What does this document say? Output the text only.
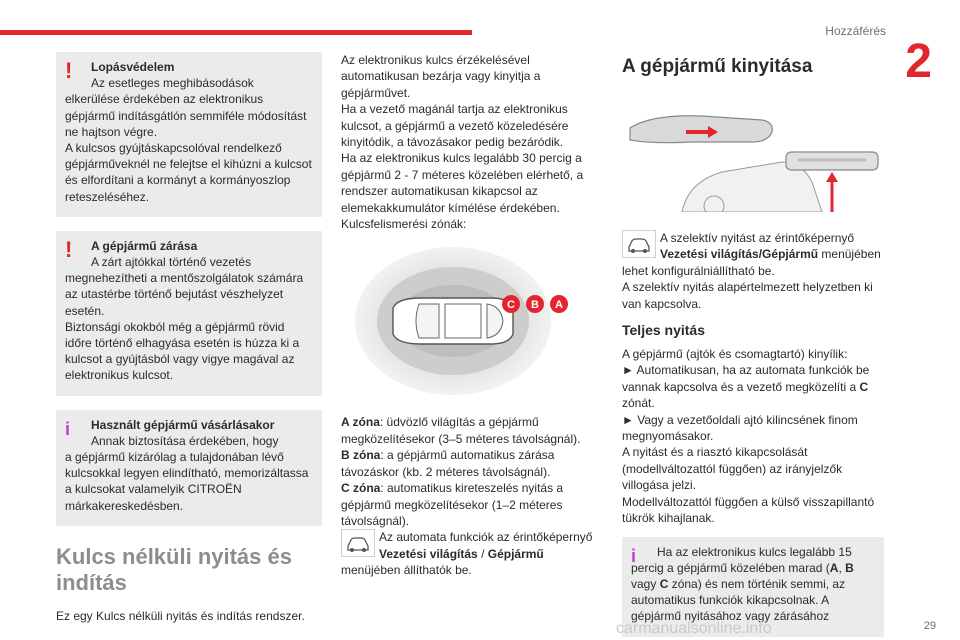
Hozzáférés
2
!	Lopásvédelem

Az esetleges meghibásodások

elkerülése érdekében az elektronikus gépjármű indításgátlón semmiféle módosítást ne hajtson végre.

A kulcsos gyújtáskapcsolóval rendelkező gépjárműveknél ne felejtse el kihúzni a kulcsot és elfordítani a kormányt a kormányoszlop reteszeléséhez.

!	A gépjármű zárása

A zárt ajtókkal történő vezetés

megnehezítheti a mentőszolgálatok számára az utastérbe történő bejutást vészhelyzet esetén.

Biztonsági okokból még a gépjármű rövid időre történő elhagyása esetén is húzza ki a kulcsot a gyújtásból vagy vigye magával az elektronikus kulcsot.

i	Használt gépjármű vásárlásakor

Annak biztosítása érdekében, hogy

a gépjármű kizárólag a tulajdonában lévő kulcsokkal legyen elindítható, memorizáltassa a kulcsokat valamelyik CITROËN márkakereskedésben.

Kulcs nélküli nyitás és indítás

Ez egy Kulcs nélküli nyitás és indítás rendszer.

Az elektronikus kulcs érzékelésével automatikusan bezárja vagy kinyitja a gépjárművet.

Ha a vezető magánál tartja az elektronikus kulcsot, a gépjármű a vezető közeledésére kinyitódik, a távozásakor pedig bezáródik.

Ha az elektronikus kulcs legalább 30 percig a gépjármű 2 - 7 méteres közelében elérhető, a rendszer automatikusan kikapcsol az elemekakkumulátor kímélése érdekében.

Kulcsfelismerési zónák:

C B A

A zóna: üdvözlő világítás a gépjármű megközelítésekor (3–5 méteres távolságnál).

B zóna: a gépjármű automatikus zárása távozáskor (kb. 2 méteres távolságnál).

C zóna: automatikus kireteszelés nyitás a gépjármű megközelítésekor (1–2 méteres távolságnál).

Az automata funkciók az érintőképernyő
Vezetési világítás / Gépjármű

menüjében állíthatók be.

A gépjármű kinyitása
A szelektív nyitást az érintőképernyő
Vezetési világítás/Gépjármű menüjében

lehet konfigurálniállítható be.

A szelektív nyitás alapértelmezett helyzetben ki van kapcsolva.

Teljes nyitás

A gépjármű (ajtók és csomagtartó) kinyílik:

► Automatikusan, ha az automata funkciók be vannak kapcsolva és a vezető megközelíti a C zónát.

► Vagy a vezetőoldali ajtó kilincsének finom megnyomásakor.

A nyitást és a riasztó kikapcsolását (modellváltozattól függően) az irányjelzők villogása jelzi.

Modellváltozattól függően a külső visszapillantó tükrök kihajlanak.

i	Ha az elektronikus kulcs legalább 15

percig a gépjármű közelében marad (A, B vagy C zóna) és nem történik semmi, az automatikus funkciók kikapcsolnak. A gépjármű nyitásához vagy zárásához

carmanualsonline.info	29
